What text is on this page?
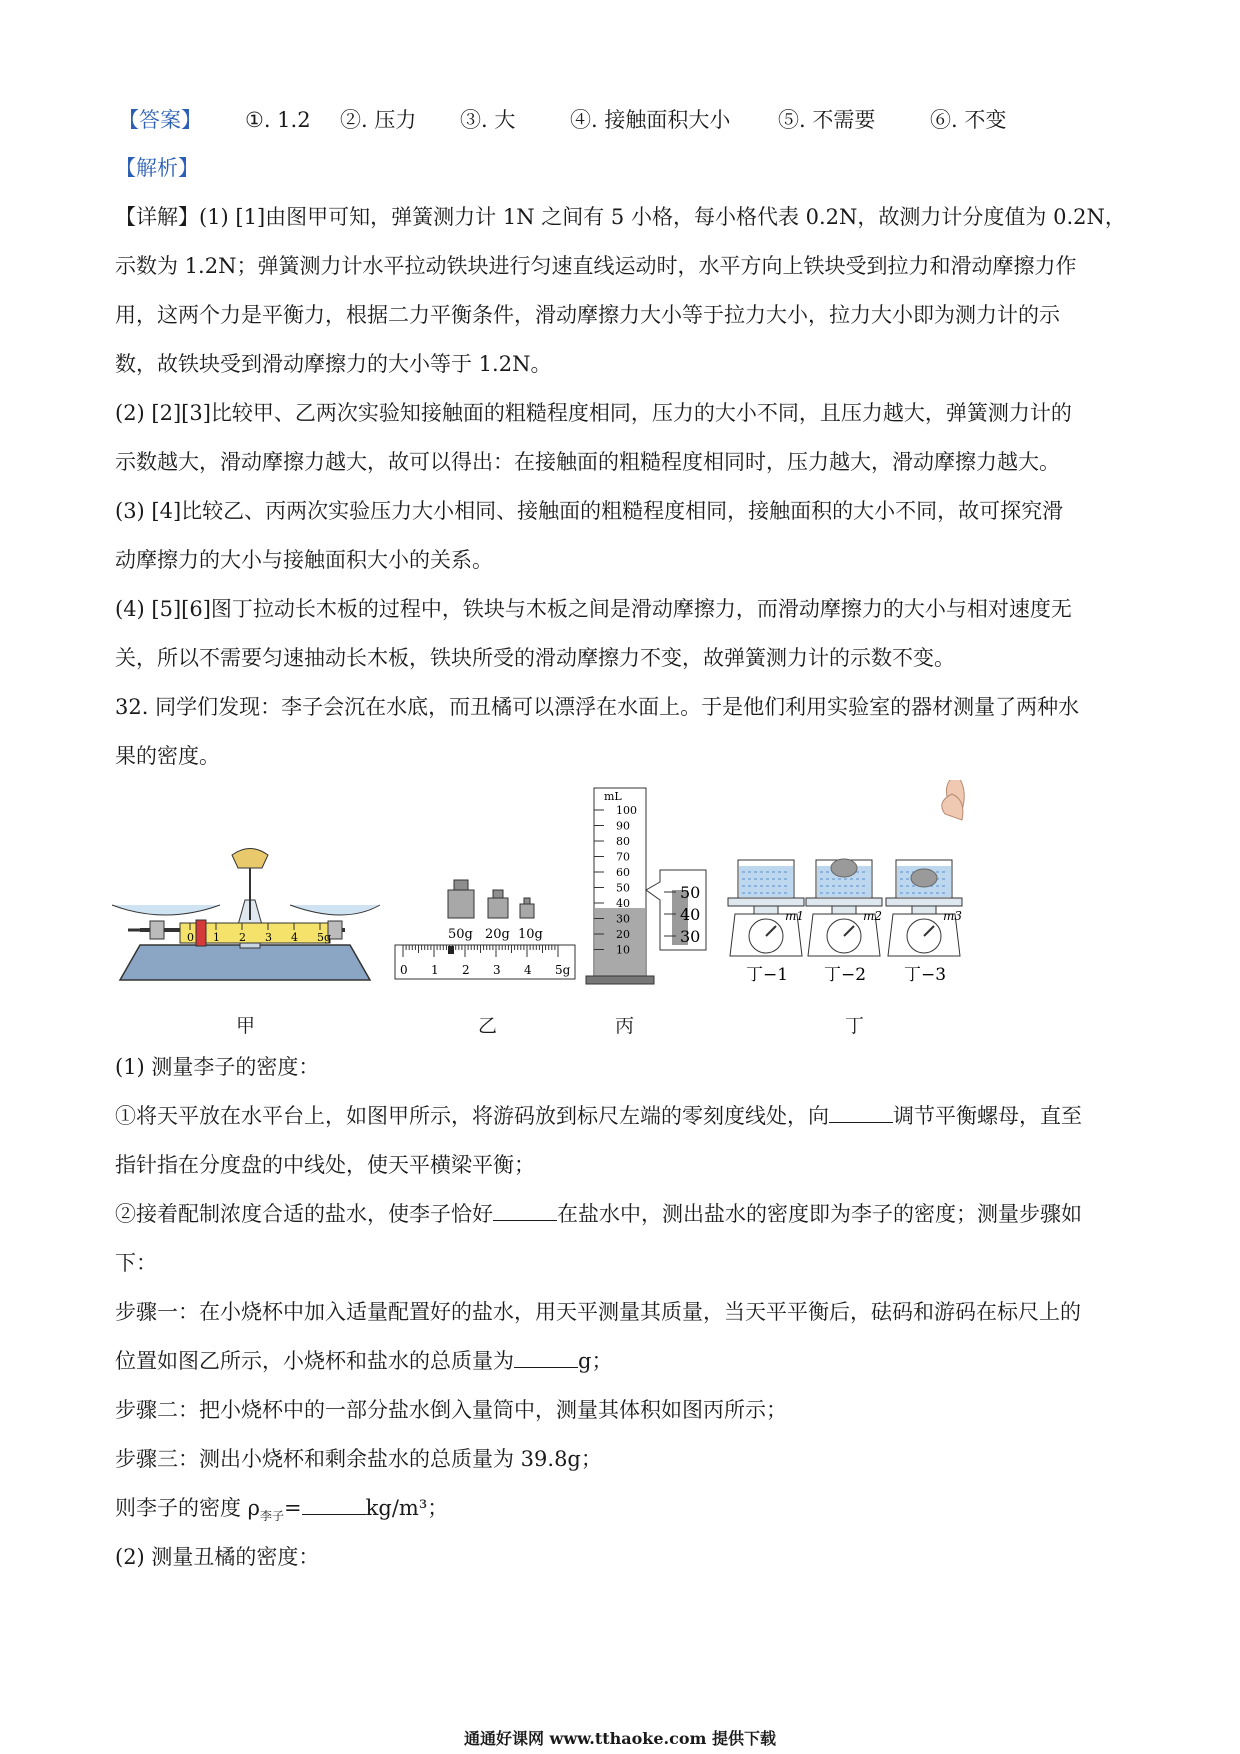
【答案】 ①. 1.2 ②. 压力 ③. 大	④. 接触面积大小 ⑤. 不需要	⑥. 不变
【解析】
【详解】(1) [1]由图甲可知，弹簧测力计 1N 之间有 5 小格，每小格代表 0.2N，故测力计分度值为 0.2N，
示数为 1.2N；弹簧测力计水平拉动铁块进行匀速直线运动时，水平方向上铁块受到拉力和滑动摩擦力作
用，这两个力是平衡力，根据二力平衡条件，滑动摩擦力大小等于拉力大小，拉力大小即为测力计的示
数，故铁块受到滑动摩擦力的大小等于 1.2N。
(2) [2][3]比较甲、乙两次实验知接触面的粗糙程度相同，压力的大小不同，且压力越大，弹簧测力计的
示数越大，滑动摩擦力越大，故可以得出：在接触面的粗糙程度相同时，压力越大，滑动摩擦力越大。
(3) [4]比较乙、丙两次实验压力大小相同、接触面的粗糙程度相同，接触面积的大小不同，故可探究滑
动摩擦力的大小与接触面积大小的关系。
(4) [5][6]图丁拉动长木板的过程中，铁块与木板之间是滑动摩擦力，而滑动摩擦力的大小与相对速度无
关，所以不需要匀速抽动长木板，铁块所受的滑动摩擦力不变，故弹簧测力计的示数不变。
32. 同学们发现：李子会沉在水底，而丑橘可以漂浮在水面上。于是他们利用实验室的器材测量了两种水
果的密度。
0 1 2 3 4 5g	50g 20g 10g
0 1 2 3 4 5g
mL
100
90
80
70
60
50
40
30
20
10
50
40
30
m1
丁−1
m2
丁−2
m3
丁−3
甲	乙	丙	丁
(1) 测量李子的密度：
①将天平放在水平台上，如图甲所示，将游码放到标尺左端的零刻度线处，向	调节平衡螺母，直至
指针指在分度盘的中线处，使天平横梁平衡；
②接着配制浓度合适的盐水，使李子恰好	在盐水中，测出盐水的密度即为李子的密度；测量步骤如
下：
步骤一：在小烧杯中加入适量配置好的盐水，用天平测量其质量，当天平平衡后，砝码和游码在标尺上的
位置如图乙所示，小烧杯和盐水的总质量为	g；
步骤二：把小烧杯中的一部分盐水倒入量筒中，测量其体积如图丙所示；
步骤三：测出小烧杯和剩余盐水的总质量为 39.8g；
则李子的密度 $\rho_{李子}=$	kg/m³；
(2) 测量丑橘的密度：
通通好课网 www.tthaoke.com 提供下载
